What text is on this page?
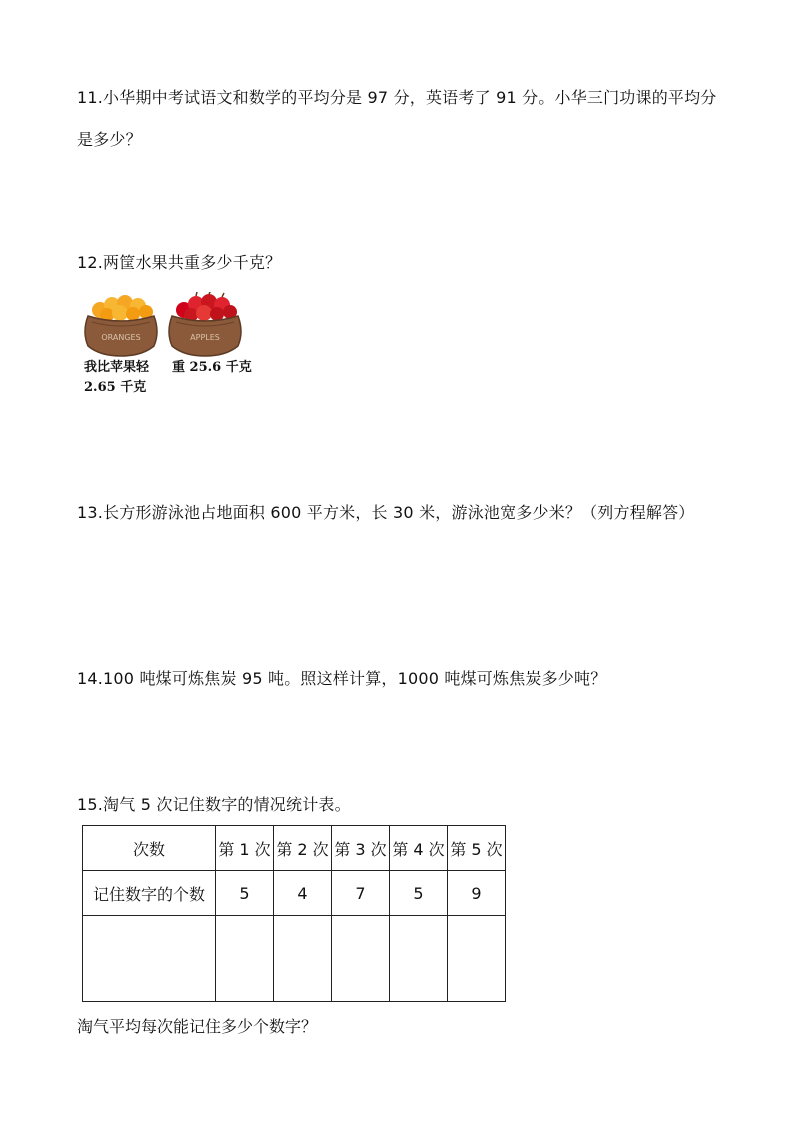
11.小华期中考试语文和数学的平均分是 97 分，英语考了 91 分。小华三门功课的平均分是多少？
12.两筐水果共重多少千克？
ORANGES	APPLES
我比苹果轻 2.65 千克
重 25.6 千克
13.长方形游泳池占地面积 600 平方米，长 30 米，游泳池宽多少米？（列方程解答）
14.100 吨煤可炼焦炭 95 吨。照这样计算，1000 吨煤可炼焦炭多少吨？
15.淘气 5 次记住数字的情况统计表。
次数	第 1 次	第 2 次	第 3 次	第 4 次	第 5 次
记住数字的个数	5	4	7	5	9

淘气平均每次能记住多少个数字？
